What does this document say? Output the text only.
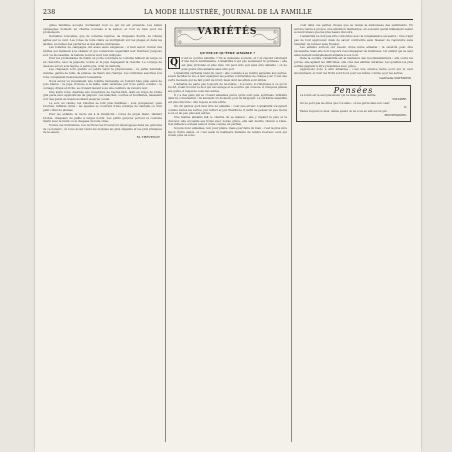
238	LA MODE ILLUSTRÉE, JOURNAL DE LA FAMILLE

grâce féminine accepte docilement tout ce qui lui est présenté. Les belles campagnes donnent un charme nouveau à la saison, et tout va bien pour les promeneurs.

Dernières nouvelles, que de voilettes légères, de chapeaux fleuris, de rubans agités par le vent. Les robes de toile claire se multiplient sur les plages et dans les jardins, au milieu des parterres et des allées ombreuses.

Les toilettes de campagne ont aussi leurs exigences ; il faut savoir choisir des étoffes qui résistent à la chaleur et qui conservent cependant leur fraîcheur jusqu'au soir. La mousseline, la batiste, le linon sont tout indiqués.

Pour les promenades du matin on porte volontiers le costume tailleur en serge ou en cheviotte, avec la jaquette courte et la jupe dégageant la cheville. Le corsage de dessous est en soie légère, à petits plis, orné de dentelle.

Les chapeaux sont grands ou petits selon la physionomie ; la paille naturelle domine, garnie de tulle, de plumes, de fleurs des champs. Les ombrelles assorties à la robe complètent heureusement l'ensemble.

Nous avons vu récemment une toilette ravissante en foulard bleu pâle semé de pois blancs ; la jupe, froncée à la taille, était terminée par trois petits volants ; le corsage, drapé en fichu, se croisait devant sous une ceinture de velours noir.

Une autre robe, destinée aux réceptions de l'après-midi, était en crêpe de Chine gris perle avec applications de guipure ; les manches, courtes et bouffantes, laissaient voir des gants de Suède montant jusqu'au coude.

Le soir, au casino, les toilettes se font plus habillées : soie pompadour, gaze brochée, taffetas chiné ; les épaules se couvrent d'une écharpe de dentelle ou d'un petit collet de plumes.

Pour les enfants, la mode est à la simplicité ; robes de piqué blanc, tabliers brodés, chapeaux de paille à larges bords. Les petits garçons portent le costume marin avec le béret ou le chapeau de toile cirée.

Toutes ces indications, nos lectrices les trouveront développées dans les gravures de ce numéro, où nous avons réuni les modèles les plus élégants et les plus pratiques de la saison.

M. THÉVENOT
VARIÉTÉS
QU'EST-CE QU'ÊTRE AIMABLE ?
Q	u'est-ce qu'être aimable ? On le demande souvent, et l'on répond rarement d'une façon satisfaisante. L'amabilité n'est pas seulement la politesse ; elle est plus profonde et plus rare. On peut être poli sans être aimable ; on ne peut guère être aimable sans être poli.

L'amabilité véritable vient du cœur ; elle consiste à se rendre agréable aux autres, à leur faciliter la vie, à leur épargner les petites contrariétés de chaque jour. C'est une vertu modeste qui ne fait point de bruit, mais dont les effets sont infinis.

L'aimable ne parle pas toujours de lui-même ; il écoute, il s'intéresse à ce qu'on lui dit, il sait trouver le mot qui encourage et le sourire qui console. Il n'impose jamais ses goûts, il respecte ceux des autres.

Il y a des gens qui se croient aimables parce qu'ils sont gais, spirituels, brillants dans la conversation ; ils amusent un moment, puis ils fatiguent. La véritable amabilité est plus discrète ; elle repose et elle attire.

On dit parfois qu'il faut être né aimable ; c'est une erreur. L'amabilité s'acquiert comme toutes les vertus, par l'effort et par l'habitude. Il suffit de penser un peu moins à soi et un peu plus aux autres.

Une femme aimable fait le charme de sa maison ; elle y répand la paix et la douceur, elle accueille ses hôtes avec bonne grâce, elle sait mettre chacun à l'aise. Son influence s'étend autour d'elle comme un parfum.

Soyons donc aimables, non pour plaire, mais pour faire du bien ; c'est la plus sûre façon d'être aimés, et c'est aussi la meilleure manière de rendre heureux ceux qui vivent près de nous.

c'est dans ces petites choses que se révèle la délicatesse des sentiments. Un service rendu à propos, une attention inattendue, un souvenir gardé fidèlement valent souvent mieux que les plus beaux discours.

L'amabilité ne doit pas être confondue avec la complaisance excessive ; il ne s'agit pas de tout approuver, mais de savoir contredire sans blesser, de reprendre sans humilier, de refuser sans froisser.

Les enfants surtout ont besoin d'une mère aimable ; la sévérité peut être nécessaire, mais elle doit toujours s'accompagner de tendresse. Un enfant qui se sent aimé devient naturellement aimable à son tour.

Dans la société, l'amabilité est la meilleure des recommandations ; elle ouvre les portes, elle aplanit les difficultés, elle crée des amitiés durables. Les qualités les plus solides gagnent à être présentées avec grâce.

Apprenons donc à être aimables ; c'est une science facile pour qui le veut sincèrement, et dont les fruits sont doux pour soi-même comme pour les autres.

Gabrielle DAYMONS
Pensées
La bonté est le seul placement qui ne fasse jamais faillite.
VOLTAIRE.
On ne perd pas les êtres que l'on aime ; on les garde dans son cœur.
D.
Faites toujours le bien, même quand on ne vous en sait aucun gré.
MONTESQUIEU.
